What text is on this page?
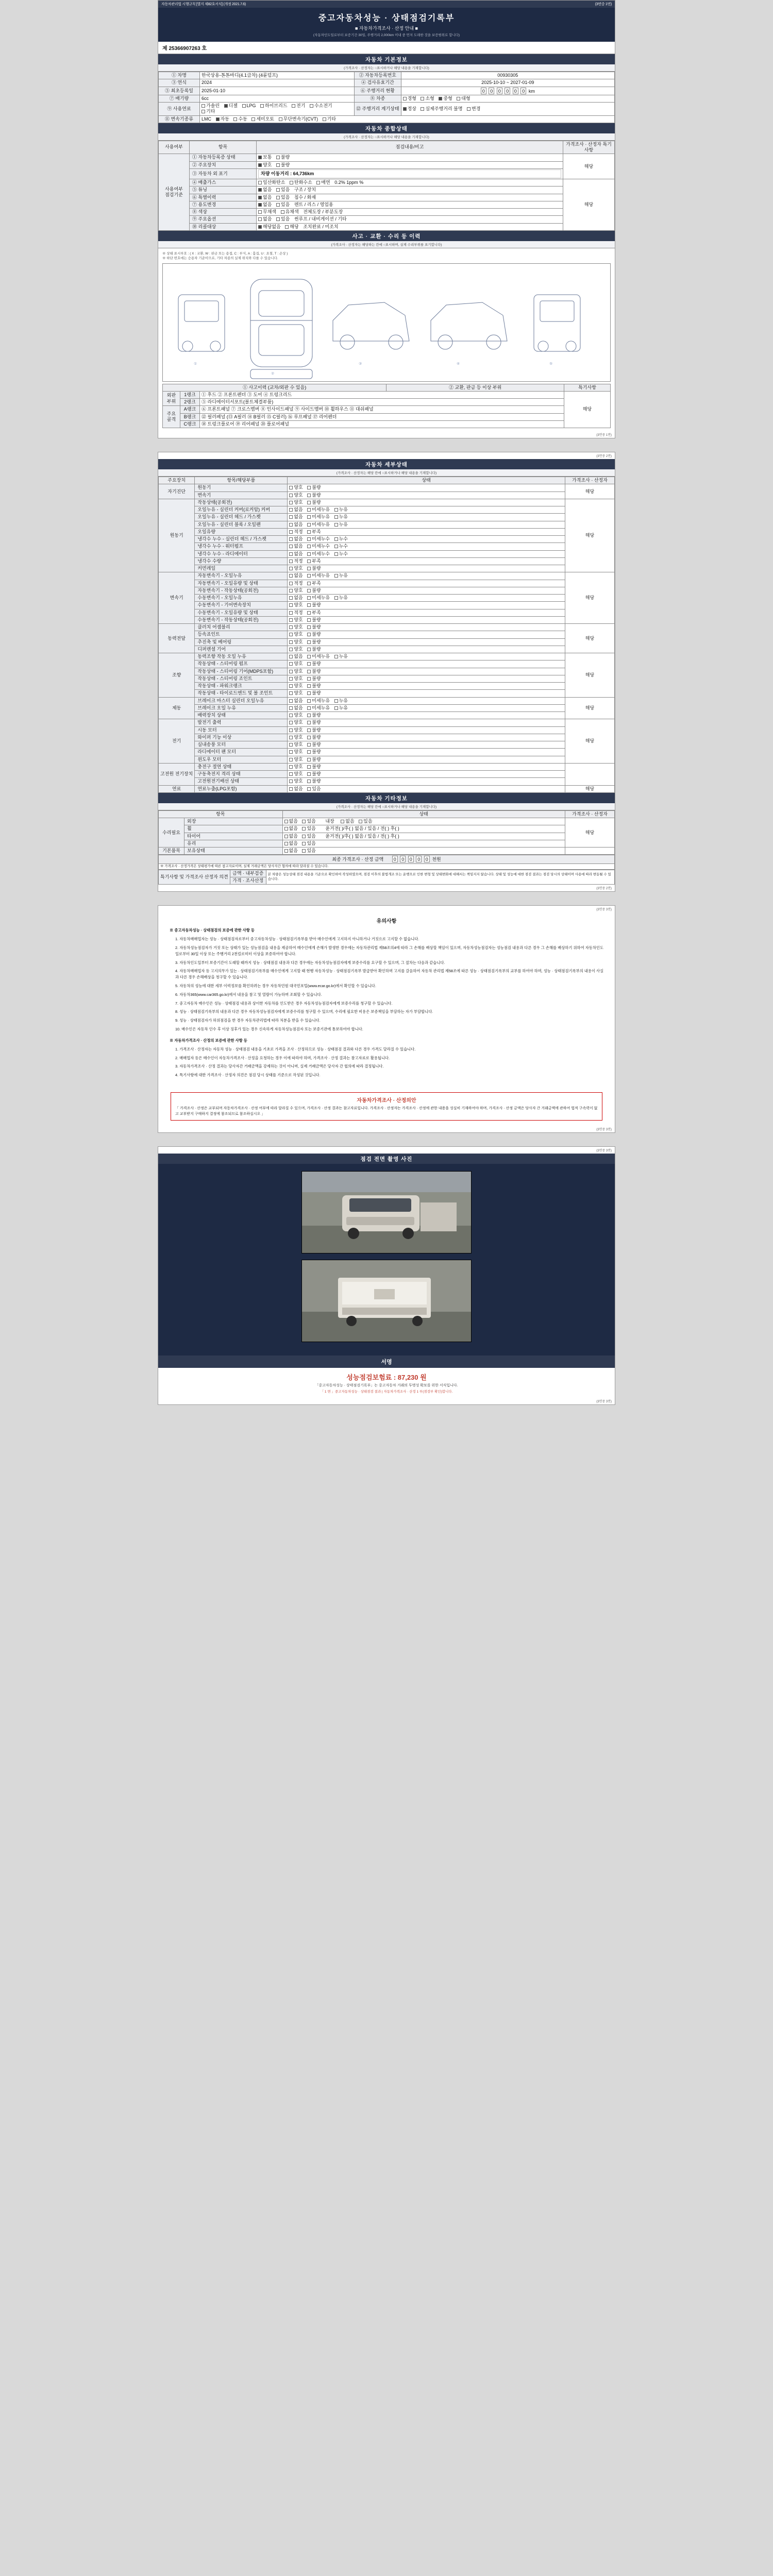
자동차관리법 시행규칙 [별지 제82호서식] (개정 2021.7.6)	(3면중 1면)
중고자동차성능 · 상태점검기록부
■ 자동차가격조사 · 산정 안내 ■
(자동차인도일로부터 보증기간 30일, 주행거리 2,000km 이내 중 먼저 도래한 것을 보증범위로 합니다)
제 25366907263 호
자동차 기본정보
(가격조사 · 산정자는 ○표시하거나 해당 내용을 기재합니다)
① 차명	한국상용-톤톤바디(4.1급차) (4륜덤프)	② 자동차등록번호	00930305
③ 연식	2024	④ 검사유효기간	2025-10-10 ~ 2027-01-09
⑤ 최초등록일	2025-01-10	⑥ 주행거리 현황	0 0 0 0 0 0 km
⑦ 배기량	6cc	⑧ 차종	경형 소형 중형 대형
⑨ 사용연료	가솔린 디젤 LPG 하이브리드 전기 수소전기 기타	⑫ 주행거리 계기상태	정상 실제주행거리 불명 변경
⑪ 변속기종류	LMC 자동 수동 세미오토 무단변속기(CVT) 기타		
자동차 종합상태
(가격조사 · 산정자는 ○표시하거나 해당 내용을 기재합니다)
사용여부	항목	점검내용/비고	가격조사 · 산정자 특기사항
사용여부
점검기준	① 자동차등록증 상태	보통 불량	해당
	② 주요장치	양호 불량	
	③ 자동차 외 표기	차량 이동거리 : 64,736km	

	④ 배출가스	일산화탄소 탄화수소 매연 0.2% 1ppm %	해당
	⑤ 튜닝	없음 있음 구조 / 장치	
	⑥ 특별이력	없음 있음 침수 / 화재	
	⑦ 용도변경	없음 있음 렌트 / 리스 / 영업용	
	⑧ 색상	무채색 유채색 전체도장 / 부분도장	
	⑨ 주요옵션	없음 있음 썬루프 / 내비게이션 / 기타	
	⑩ 리콜대상	해당없음 해당 조치완료 / 미조치	
사고 · 교환 · 수리 등 이력
(가격조사 · 산정자는 해당하는 칸에 ○표시하며, 실제 수리부위를 표기합니다)
※ 상태 표시부호 : ( X : 교환, W : 판금 또는 용접, C : 부식, A : 흠집, U : 요철, T : 손상 )
※ 하단 번호에는 승용차 기준이므로, 기타 차종의 실제 위치와 다를 수 있습니다.
①
②
③	④	⑤
① 사고이력 (교차/외판 수 있음)			② 교환, 판금 등 이상 부위	특기사항
외판
부위	1랭크	① 후드 ② 프론트펜더 ③ 도어 ④ 트렁크리드		해당
	2랭크	⑤ 라디에이터서포트(볼트체결부품)		
주요
골격	A랭크	⑥ 프론트패널 ⑦ 크로스멤버 ⑧ 인사이드패널 ⑨ 사이드멤버 ⑩ 휠하우스 ⑪ 대쉬패널		
	B랭크	⑫ 필러패널 (⑬ A필러 ⑭ B필러 ⑮ C필러) ⑯ 루프패널 ⑰ 리어펜더		
	C랭크	⑱ 트렁크플로어 ⑲ 리어패널 ⑳ 플로어패널		
(3면중 1면)
(3면중 2면)
자동차 세부상태
(가격조사 · 산정자는 해당 칸에 ○표시하거나 해당 내용을 기재합니다)
주요장치	항목/해당부품	상태	가격조사 · 산정자
자기진단	원동기	양호 불량	해당
	변속기	양호 불량	
원동기	작동상태(공회전)	양호 불량	해당
	오일누유 - 실린더 커버(로커암) 커버	없음 미세누유 누유	
	오일누유 - 실린더 헤드 / 가스켓	없음 미세누유 누유	
	오일누유 - 실린더 블록 / 오일팬	없음 미세누유 누유	
	오일유량	적정 부족	
	냉각수 누수 - 실린더 헤드 / 가스켓	없음 미세누수 누수	
	냉각수 누수 - 워터펌프	없음 미세누수 누수	
	냉각수 누수 - 라디에이터	없음 미세누수 누수	
	냉각수 수량	적정 부족	
	커먼레일	양호 불량	
변속기	자동변속기 - 오일누유	없음 미세누유 누유	해당
	자동변속기 - 오일유량 및 상태	적정 부족	
	자동변속기 - 작동상태(공회전)	양호 불량	
	수동변속기 - 오일누유	없음 미세누유 누유	
	수동변속기 - 기어변속장치	양호 불량	
	수동변속기 - 오일유량 및 상태	적정 부족	
	수동변속기 - 작동상태(공회전)	양호 불량	
동력전달	클러치 어셈블리	양호 불량	해당
	등속죠인트	양호 불량	
	추진축 및 베어링	양호 불량	
	디퍼렌셜 기어	양호 불량	
조향	동력조향 작동 오일 누유	없음 미세누유 누유	해당
	작동상태 - 스티어링 펌프	양호 불량	
	작동상태 - 스티어링 기어(MDPS포함)	양호 불량	
	작동상태 - 스티어링 조인트	양호 불량	
	작동상태 - 파워크랭크	양호 불량	
	작동상태 - 타이로드엔드 및 볼 조인트	양호 불량	
제동	브레이크 마스터 실린더 오일누유	없음 미세누유 누유	해당
	브레이크 오일 누유	없음 미세누유 누유	
	배력장치 상태	양호 불량	
전기	발전기 출력	양호 불량	해당
	시동 모터	양호 불량	
	와이퍼 기능 이상	양호 불량	
	실내송풍 모터	양호 불량	
	라디에이터 팬 모터	양호 불량	
	윈도우 모터	양호 불량	
고전원 전기장치	충전구 절연 상태	양호 불량	
	구동축전지 격리 상태	양호 불량	
	고전원전기배선 상태	양호 불량	
연료	연료누출(LPG포함)	없음 있음	해당
자동차 기타정보
(가격조사 · 산정자는 해당 칸에 ○표시하거나 해당 내용을 기재합니다)
항목		상태	가격조사 · 산정자
수리필요	외장	없음 있음 내장 없음 있음	해당
	휠	없음 있음 윤거전( )/후( ) 없음 / 있음 / 전( ) 후( )	
	타이어	없음 있음 윤거전( )/후( ) 없음 / 있음 / 전( ) 후( )	
	유리	없음 있음	
기본품목	보유상태	없음 있음	
최종 가격조사 · 산정 금액 0 0 0 0 0 천원
※ 가격조사 · 산정가격은 상태평가에 따른 참고자료이며, 실제 거래금액은 당사자간 협의에 따라 달라질 수 있습니다.
특기사항 및 가격조사 산정자 의견	금액 · 내부검증	본 차량은 성능상태 점검 내용을 기준으로 확인하여 작성하였으며, 점검 이후의 불법개조 또는 운행으로 인한 변형 및 상태변화에 대해서는 책임지지 않습니다. 상태 및 성능에 대한 점검 결과는 점검 당시의 상태이며 사용에 따라 변동될 수 있습니다.
가격 · 조사산정
(3면중 2면)
(3면중 3면)
유의사항

※ 중고자동차성능 · 상태점검의 보증에 관한 사항 등

1. 자동차매매업자는 성능 · 상태점검자로부터 중고자동차성능 · 상태점검기록부를 받아 매수인에게 고지하지 아니하거나 거짓으로 고지할 수 없습니다.

2. 자동차성능점검자가 거짓 또는 상태가 있는 성능점검을 내용을 제공하여 매수인에게 손해가 발생한 경우에는 자동차관리법 제58조의4에 따라 그 손해를 배상할 책임이 있으며, 자동차성능점검자는 성능점검 내용과 다른 경우 그 손해를 배상하기 위하여 자동차인도일로부터 30일 이상 또는 주행거리 2천킬로미터 이상을 보증하여야 합니다.

3. 자동차인도일부터 보증기간이 도래할 때까지 성능 · 상태점검 내용과 다른 경우에는 자동차성능점검자에게 보증수리를 요구할 수 있으며, 그 절차는 다음과 같습니다.

4. 자동차매매업자 등 고지의무가 있는 · 상태점검기록부를 매수인에게 고지할 때 현행 자동차성능 · 상태점검기록부 발급받아 확인하며 고지를 갈음하여 자동차 관리법 제58조에 따른 성능 · 상태점검기록부의 교부를 하여야 하며, 성능 · 상태점검기록부의 내용이 사실과 다른 경우 손해배상을 청구할 수 있습니다.

5. 자동차의 성능에 대한 세부 이력정보를 확인하려는 경우 자동차민원 대국민포털(www.ecar.go.kr)에서 확인할 수 있습니다.

6. 자동차365(www.car365.go.kr)에서 내용을 참고 및 열람이 가능하며 조회할 수 있습니다.

7. 중고자동차 매수인은 성능 · 상태점검 내용과 상이한 자동차를 인도받은 경우 자동차성능점검자에게 보증수리를 청구할 수 있습니다.

8. 성능 · 상태점검기록부의 내용과 다른 경우 자동차성능점검자에게 보증수리를 청구할 수 있으며, 수리에 필요한 비용은 보증책임을 부담하는 자가 부담합니다.

9. 성능 · 상태점검자가 허위점검을 한 경우 자동차관리법에 따라 처분을 받을 수 있습니다.

10. 매수인은 자동차 인수 후 이상 징후가 있는 경우 신속하게 자동차성능점검자 또는 보증기관에 통보하여야 합니다.

※ 자동차가격조사 · 산정의 보증에 관한 사항 등

1. 가격조사 · 산정자는 자동차 성능 · 상태점검 내용을 기초로 가격을 조사 · 산정하므로 성능 · 상태점검 결과와 다른 경우 가격도 달라질 수 있습니다.

2. 매매업자 등은 매수인이 자동차가격조사 · 산정을 요청하는 경우 이에 따라야 하며, 가격조사 · 산정 결과는 참고자료로 활용됩니다.

3. 자동차가격조사 · 산정 결과는 당사자간 거래금액을 강제하는 것이 아니며, 실제 거래금액은 당사자 간 협의에 따라 결정됩니다.

4. 특기사항에 대한 가격조사 · 산정자 의견은 점검 당시 상태를 기준으로 작성된 것입니다.

자동차가격조사 · 산정의안
「 가격조사 · 산정은 교부되며 자동차가격조사 · 산정 여부에 따라 달라질 수 있으며, 가격조사 · 산정 결과는 참고자료입니다. 가격조사 · 산정자는 가격조사 · 산정에 관한 내용을 성실히 기재하여야 하며, 가격조사 · 산정 금액은 당사자 간 거래금액에 관하여 법적 구속력이 없고 교부받지 구매하지 결정에 참조되므로 참조하십시오 」
(3면중 3면)
(3면중 3면)
점검 전면 촬영 사진
서명
성능점검보험료 : 87,230 원
「중고자동차성능 · 상태점검기록부」는 중고자동차 거래의 투명성 확보를 위한 서식입니다.
「 1 면 」중고자동차성능 · 상태점검 결과 | 자동차가격조사 · 산정 1 부(점검부 확인)합니다.
(3면중 3면)
